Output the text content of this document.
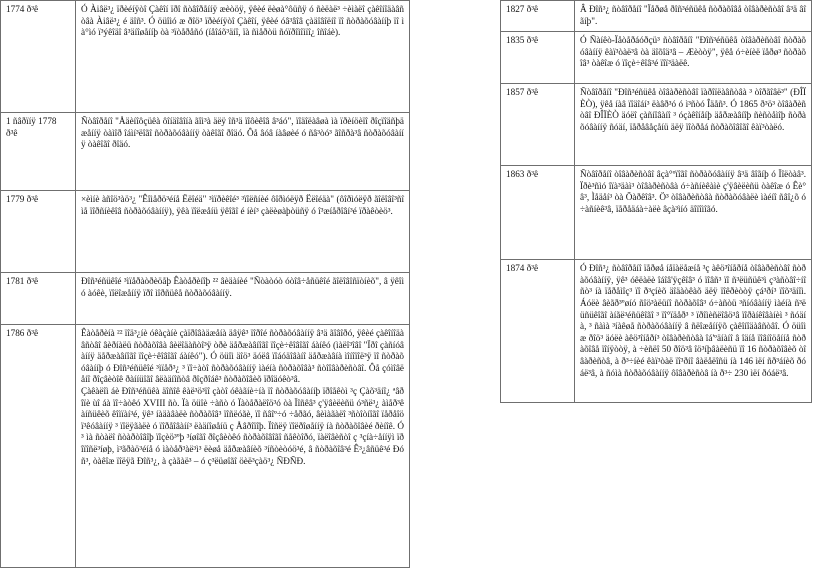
1774 ð³ê	Ó Àiâë³¿ ïðèéíÿòî Çàêîí ïðî ñòâîðåííÿ æèòöÿ, ÿêèé ëèøà°ôüñÿ ó ñèëàë³ ÷èìàëî çàêîíîäàâñòâà Àiâë³¿ é äîñ³. Ó öüîìó æ ðîö³ ïðèéíÿòî Çàêîí, ÿêèé óâ³âîâ çàäîâîëíî ïî ñòðàõóâàííþ ïî ìà°ìó ï³ýêîäî â³äíîøåííþ òà ³ïòåðåñó (íåîáõ³äíî, ïà ñìåðòü ñóïðîìîìïî¿ îñîáè).
1 ñâðïíÿ 1778 ð³ê	Ñòâîðåíî "Åäèíîôçüêà ôîíäîâîíà ãîì³à äëÿ îñ³ä ïîôèêîâ â³áó", ïîäîëàâøà ìà ïðèíöèïî ðîçïîäñþäæåííÿ òàìîð îáìí³ëîãî ñòðàõóâàííÿ òàêîãî ðîäó. Ôå âóâ íàâøèé ó ñâ³òó³ ãîñðà³â ñòðàõóâàííÿ òàêîãî ðîäó.
1779 ð³ê	×èìíè àñîö³àö³¿ "Êîìåðö³éíå Ëëîéä" ³ìïðèêîé³ ³ïîëñíèé ôîðìóëÿð Ëëîéäà" (ôîðìóëÿð ãîëîâî³ñîìå ïîðñíèêîâ ñòðàõóâàííÿ), ÿêà ïîëæåíü ÿêîãî é íèí³ çàëèøàþòüñÿ ó î³æíåðîâí³é ïðàêòèö³.
1781 ð³ê	Ðîñ³éñüêîé ³ìïåðàòðèöåþ Êàòåðèíîþ ²² âèäàíèé "Ñòàòóò óòîâ÷åñüêîé ãîëîâîñïòíèõ", â ÿêîìó àóêè, ïîëîæåííÿ ïðî ìîðñüêå ñòðàõóâàííÿ.
1786 ð³ê	Êàòåðèíà ²² ïîä³¿íè óêàçàíè çàïðîâàäæåíà äâÿê³ ïîðîé ñòðàõóâàííÿ â³ä ãîâîðó, ÿêèé çàêîíîäàâñòâî âèðíàëü ñòðàõîâà âèëîäàñòî³ÿ òðè äåðæàâíîãî ïîçè÷êîâîãî áàíêó (ìàëî³îâî "Ïðî çàñíóâàííÿ äåðæàâíîãî ïîçè÷êîâîãî áàíêó"). Ó öüîì äîö³ äóëâ ïîáóäîâàíî äåðæàâíà ìîíîïîë³ÿ ïî ñòðàõóâàííþ ó Ðîñ³éñüêîé ³ìïåð³¿ ³ ïî÷àòî ñòðàõóâàííÿ ìàéíà ñòðàõîâà³ ñòîîâàðèñòâî. Ôå çóìîâëåíî ðîçâèòîê ðàííüîãî âëàäíîñòâ ðîçðîáê³ ñòðàõîâèõ ïðîäóêò³â.
Çàêàëîì áè Ðîñ³éñüêà äîñîê êàë³ö³ïî çàòî óêàãíè÷íà ïî ñòðàõóâàííþ ïðîåêòì ³ç Çàõ³äíî¿ ªâðîïè ùî áà ïî÷àòêó XVIII ñò. Ïà öüîè ÷àñò ó Ïàòåðàëîö³ó òà Ïîñêâ³ ç'ÿâèëèñü ó³ñë³¿ àìåð³êàíñüêèõ êîìïàí³é, ÿê³ íàäàâàëè ñòðàõîâ³ ïîñëóãè, ïî ñâîº÷ó ÷åðãó, âèìàãàëî ³ñòîòíîãî ïåðåîöï³êóâàííÿ ³ ïîëÿãàëè ó ïîðåîâàíí³ ëàäíîøåíü ç Åâðîïîþ. Ïîñëÿ ïîëðîøåííÿ íà ñòðàõîâèé ðèíîê. Ó ³ ìà ñòàëî ñòàðòîâîþ ïîçèö³ºþ ³íøîãî ðîçâèòêó ñòðàõîâîãî ñåêòîðó, ïàëîâèñòî ç ³çíà÷åííÿì ïðîïîñë³íøþ, ì³ãðàö³éíå ó ìàòåð³àë³ì³ ëèøå äåðæàâíèõ ³íñòèòóö³é, â ñòðàõîâ³é Ê³¿âñüê³é Ðóñ³, òàêîæ ïîëÿã Ðîñ³¿, à çàãàë³ – ó ç³ëüøîãî öèë³çàö³¿ ÑÐÑÐ.
1827 ð³ê	Â Ðîñ³¿ ñòâîðåíî "Ïåðøå ðîñ³éñüêå ñòðàõîâå òîâàðèñòâî â³ä âîãíþ".
1835 ð³ê	Ó Ñàíêò-Ïåòåðáóðçü³ ñòâîðåíî "Ðîñ³éñüêå òîâàðèñòâî ñòðàõóâàííÿ êàï³òàë³â òà äîõîä³â – Æèòòÿ", ÿêå ó÷èíèë ïåðø³ ñòðàõîâ³ òàêîæ ó ïîçè÷êîâ³é ïîï³äàëê.
1857 ð³ê	Ñòâîðåíî "Ðîñ³éñüêå òîâàðèñòâî ïàðîïëàâñòâà ³ òîðãîâë³" (ÐÎÏÈÒ), ÿêå íàâ ïîäîáí³ ëàâð³ó ó ì³ñòó Îäåñ³. Ó 1865 ð³ö³ òîâàðèñòâî ÐÎÏÈÒ äóëî çàñíîâàíî ³ óçàêîíåíþ äåðæàâíîþ ñèñòåìîþ ñòðàõóâàííÿ ñóäí, ïåðåâåçåíü äëÿ ïîòðåá ñòðàõîâîãî êàï³òàëó.
1863 ð³ê	Ñòâîðåíî òîâàðèñòâî âçà°ºïîãî ñòðàõóâàííÿ â³ä âîãíþ ó Ïîëòàâ³. Ïðè³ñìó îïà³äàì³ òîâàðèñòâà ó÷àñíèêàìè ç'ÿâèëèñü òàêîæ ó Êè°â³, Ìåäåí³ òà Õàðêîâ³. Ö³ òîâàðèñòâà ñòðàõóâàëè ìàéíî ñâî¿õ ó÷àñíèê³â, ïåðåäáà÷àëè âçà³ìíó äîïîìîãó.
1874 ð³ê	Ó Ðîñ³¿ ñòâîðåíî ïåðøå íåïàëåæíå ³ç àêö³îíåðíå òîâàðèñòâî ñòðàõóâàííÿ, ÿê³ óêëàëè îáîâ'ÿçêîâ³ ó ïîâñ³ ïî ñ³ëüñüê³ì ç³àñòâî÷íîñò³ íà ïåðåìîç³ ïî ð³çíèõ äîäàòêàõ äëÿ ïîêðèòòÿ çá³ðí³ ïîõ³äíîì. Áóëè âèãð³ºøíó ñîö³àëüíî ñòðàõîâ³ ó÷àñòü ³ñíóâàííÿ ìàéíà ñ³ëüñüêîãî àíãë³éñüêîãî ³ ïî°ïäåð³ ³ ïðîìèñëîâö³â ïîðàíêîâàíèì ³ ñóäíà, ³ ñàìà ³íàêøå ñòðàõóâàííÿ â ñëîæåííÿõ çàêîíîäàâñòâî. Ó öüîì æ ðîö³ äóëè àêö³îíåðí³ òîâàðèñòâà îá'ºäíàíî â îäíå ïîâíîöåííå ñòðàõîâå ïîíÿòòÿ, à ÷èñëî 50 ðîö³â îö³íþâàëèñü ïî 16 ñòðàõîâèõ òîâàðèñòâ, à ð³÷íèé êàï³òàë ïî³ðíî âàëåëîñü íà 146 ìëí ñð³áíèõ ðóáë³â, à ñóìà ñòðàõóâàííÿ ôîâàðèñòâ íà ð³÷ 230 ìëí ðóáë³â.
